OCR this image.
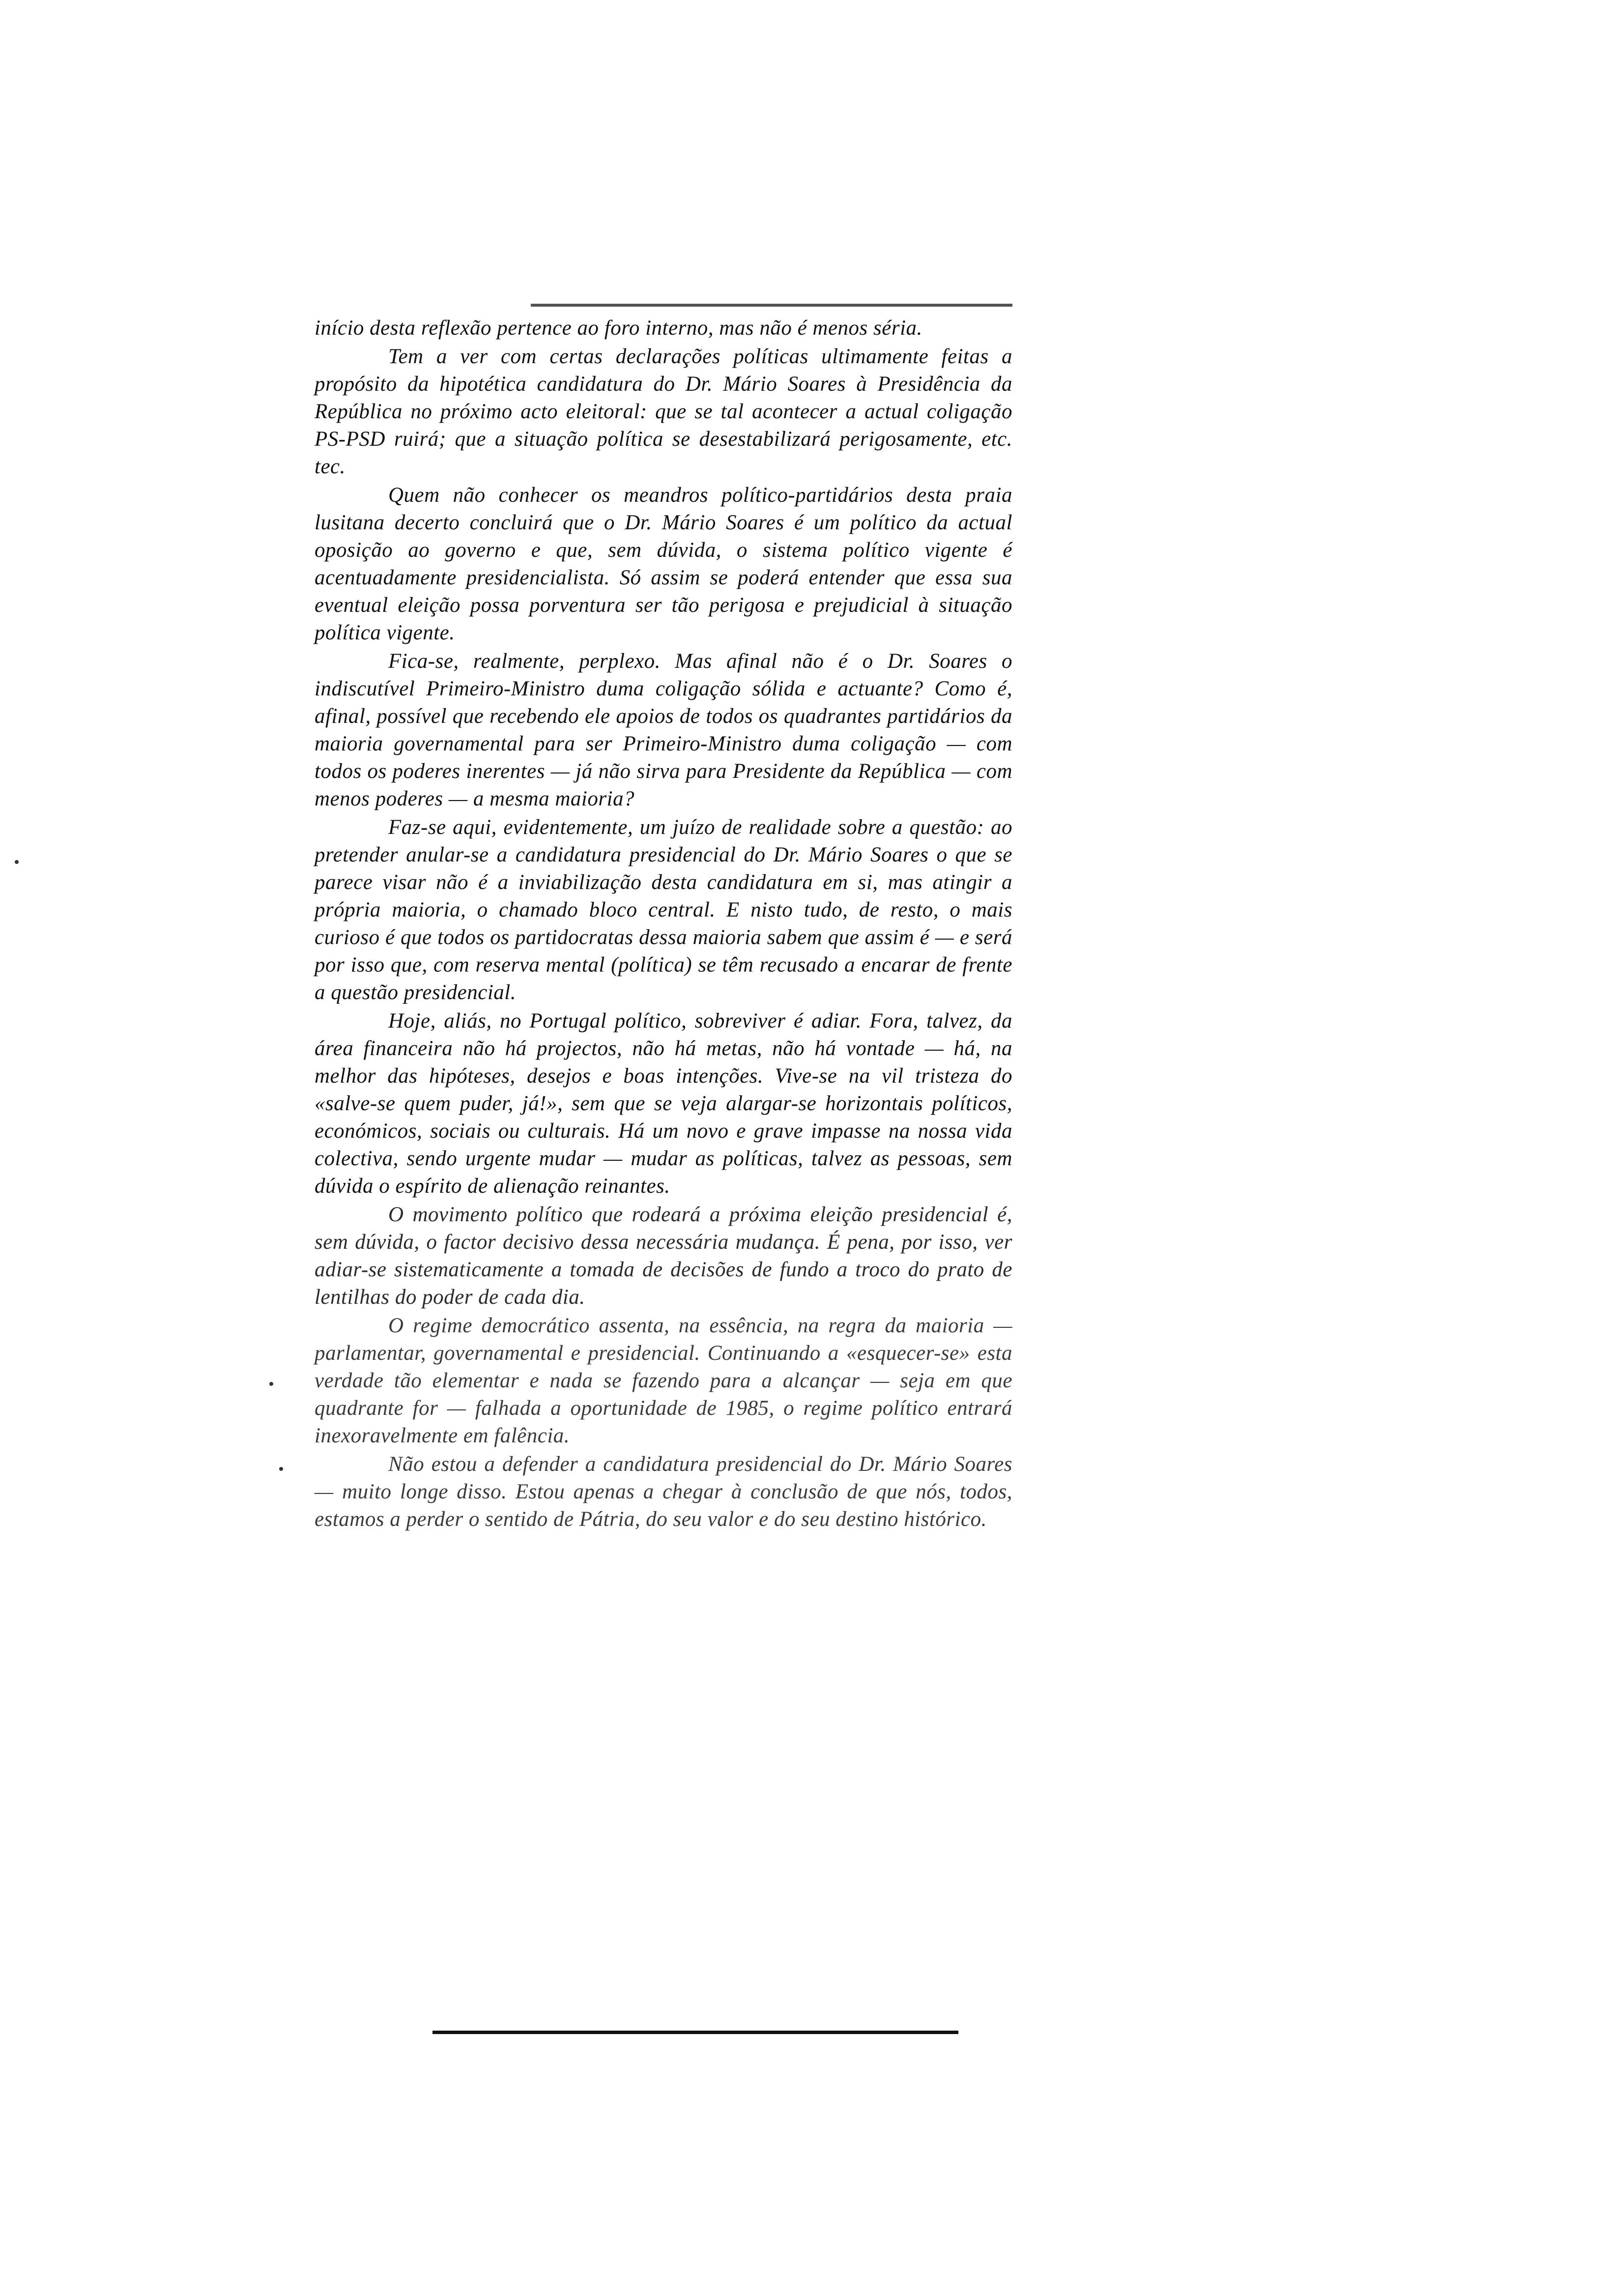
início desta reflexão pertence ao foro interno, mas não é menos séria.

Tem a ver com certas declarações políticas ultimamente feitas a propósito da hipotética candidatura do Dr. Mário Soares à Presidência da República no próximo acto eleitoral: que se tal acontecer a actual coligação PS-PSD ruirá; que a situação política se desestabilizará perigosamente, etc. tec.

Quem não conhecer os meandros político-partidários desta praia lusitana decerto concluirá que o Dr. Mário Soares é um político da actual oposição ao governo e que, sem dúvida, o sistema político vigente é acentuadamente presidencialista. Só assim se poderá entender que essa sua eventual eleição possa porventura ser tão perigosa e prejudicial à situação política vigente.

Fica-se, realmente, perplexo. Mas afinal não é o Dr. Soares o indiscutível Primeiro-Ministro duma coligação sólida e actuante? Como é, afinal, possível que recebendo ele apoios de todos os quadrantes partidários da maioria governamental para ser Primeiro-Ministro duma coligação — com todos os poderes inerentes — já não sirva para Presidente da República — com menos poderes — a mesma maioria?

Faz-se aqui, evidentemente, um juízo de realidade sobre a questão: ao pretender anular-se a candidatura presidencial do Dr. Mário Soares o que se parece visar não é a inviabilização desta candidatura em si, mas atingir a própria maioria, o chamado bloco central. E nisto tudo, de resto, o mais curioso é que todos os partidocratas dessa maioria sabem que assim é — e será por isso que, com reserva mental (política) se têm recusado a encarar de frente a questão presidencial.

Hoje, aliás, no Portugal político, sobreviver é adiar. Fora, talvez, da área financeira não há projectos, não há metas, não há vontade — há, na melhor das hipóteses, desejos e boas intenções. Vive-se na vil tristeza do «salve-se quem puder, já!», sem que se veja alargar-se horizontais políticos, económicos, sociais ou culturais. Há um novo e grave impasse na nossa vida colectiva, sendo urgente mudar — mudar as políticas, talvez as pessoas, sem dúvida o espírito de alienação reinantes.

O movimento político que rodeará a próxima eleição presidencial é, sem dúvida, o factor decisivo dessa necessária mudança. É pena, por isso, ver adiar-se sistematicamente a tomada de decisões de fundo a troco do prato de lentilhas do poder de cada dia.

O regime democrático assenta, na essência, na regra da maioria — parlamentar, governamental e presidencial. Continuando a «esquecer-se» esta verdade tão elementar e nada se fazendo para a alcançar — seja em que quadrante for — falhada a oportunidade de 1985, o regime político entrará inexoravelmente em falência.

Não estou a defender a candidatura presidencial do Dr. Mário Soares — muito longe disso. Estou apenas a chegar à conclusão de que nós, todos, estamos a perder o sentido de Pátria, do seu valor e do seu destino histórico.
